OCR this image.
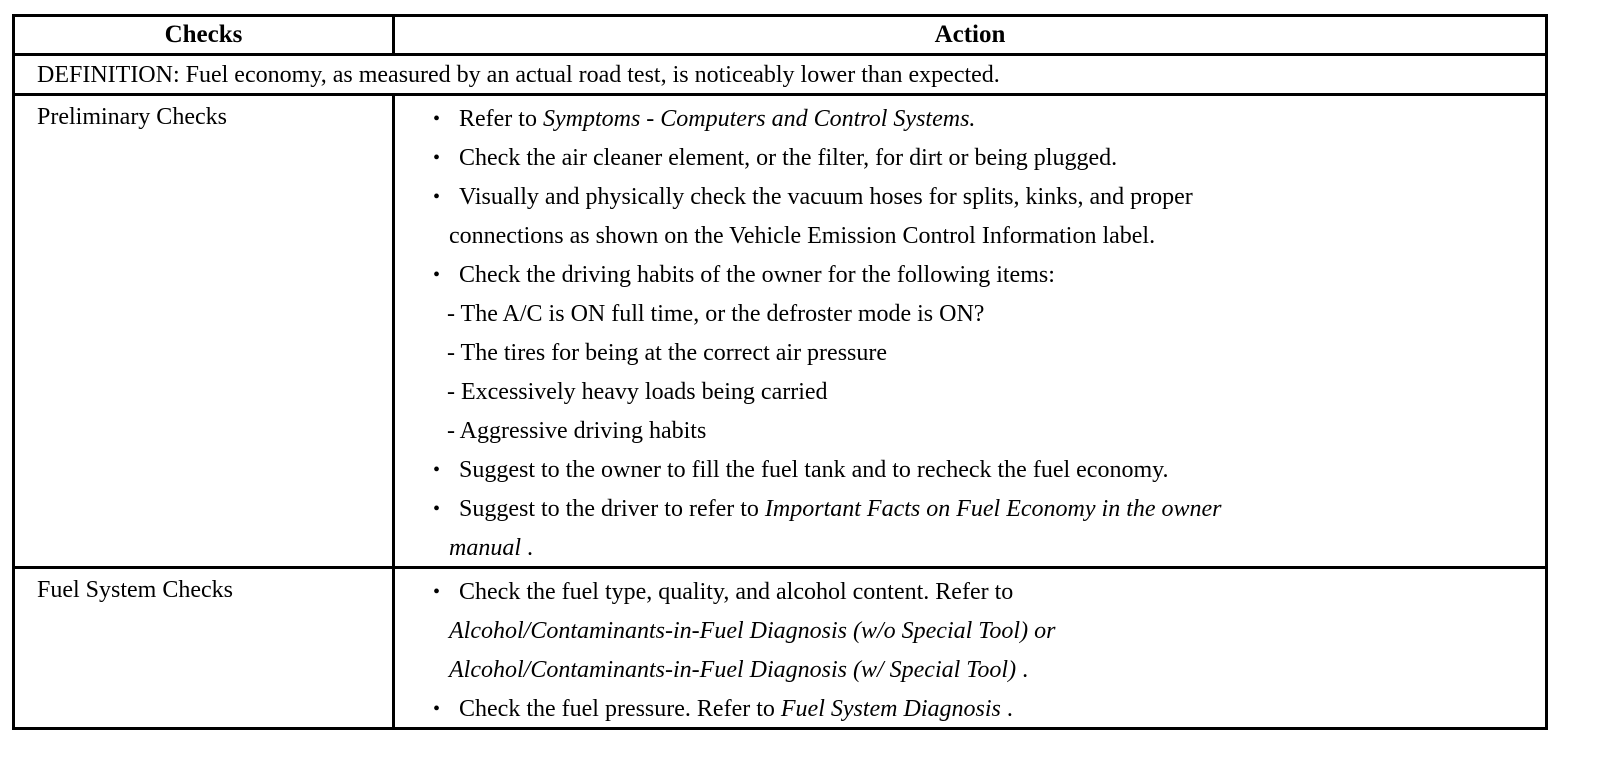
Checks	Action
DEFINITION: Fuel economy, as measured by an actual road test, is noticeably lower than expected.
Preliminary Checks	• Refer to Symptoms - Computers and Control Systems.
• Check the air cleaner element, or the filter, for dirt or being plugged.
• Visually and physically check the vacuum hoses for splits, kinks, and proper
connections as shown on the Vehicle Emission Control Information label.
• Check the driving habits of the owner for the following items:
- The A/C is ON full time, or the defroster mode is ON?
- The tires for being at the correct air pressure
- Excessively heavy loads being carried
- Aggressive driving habits
• Suggest to the owner to fill the fuel tank and to recheck the fuel economy.
• Suggest to the driver to refer to Important Facts on Fuel Economy in the owner
manual .
Fuel System Checks	• Check the fuel type, quality, and alcohol content. Refer to
Alcohol/Contaminants-in-Fuel Diagnosis (w/o Special Tool) or
Alcohol/Contaminants-in-Fuel Diagnosis (w/ Special Tool) .
• Check the fuel pressure. Refer to Fuel System Diagnosis .
